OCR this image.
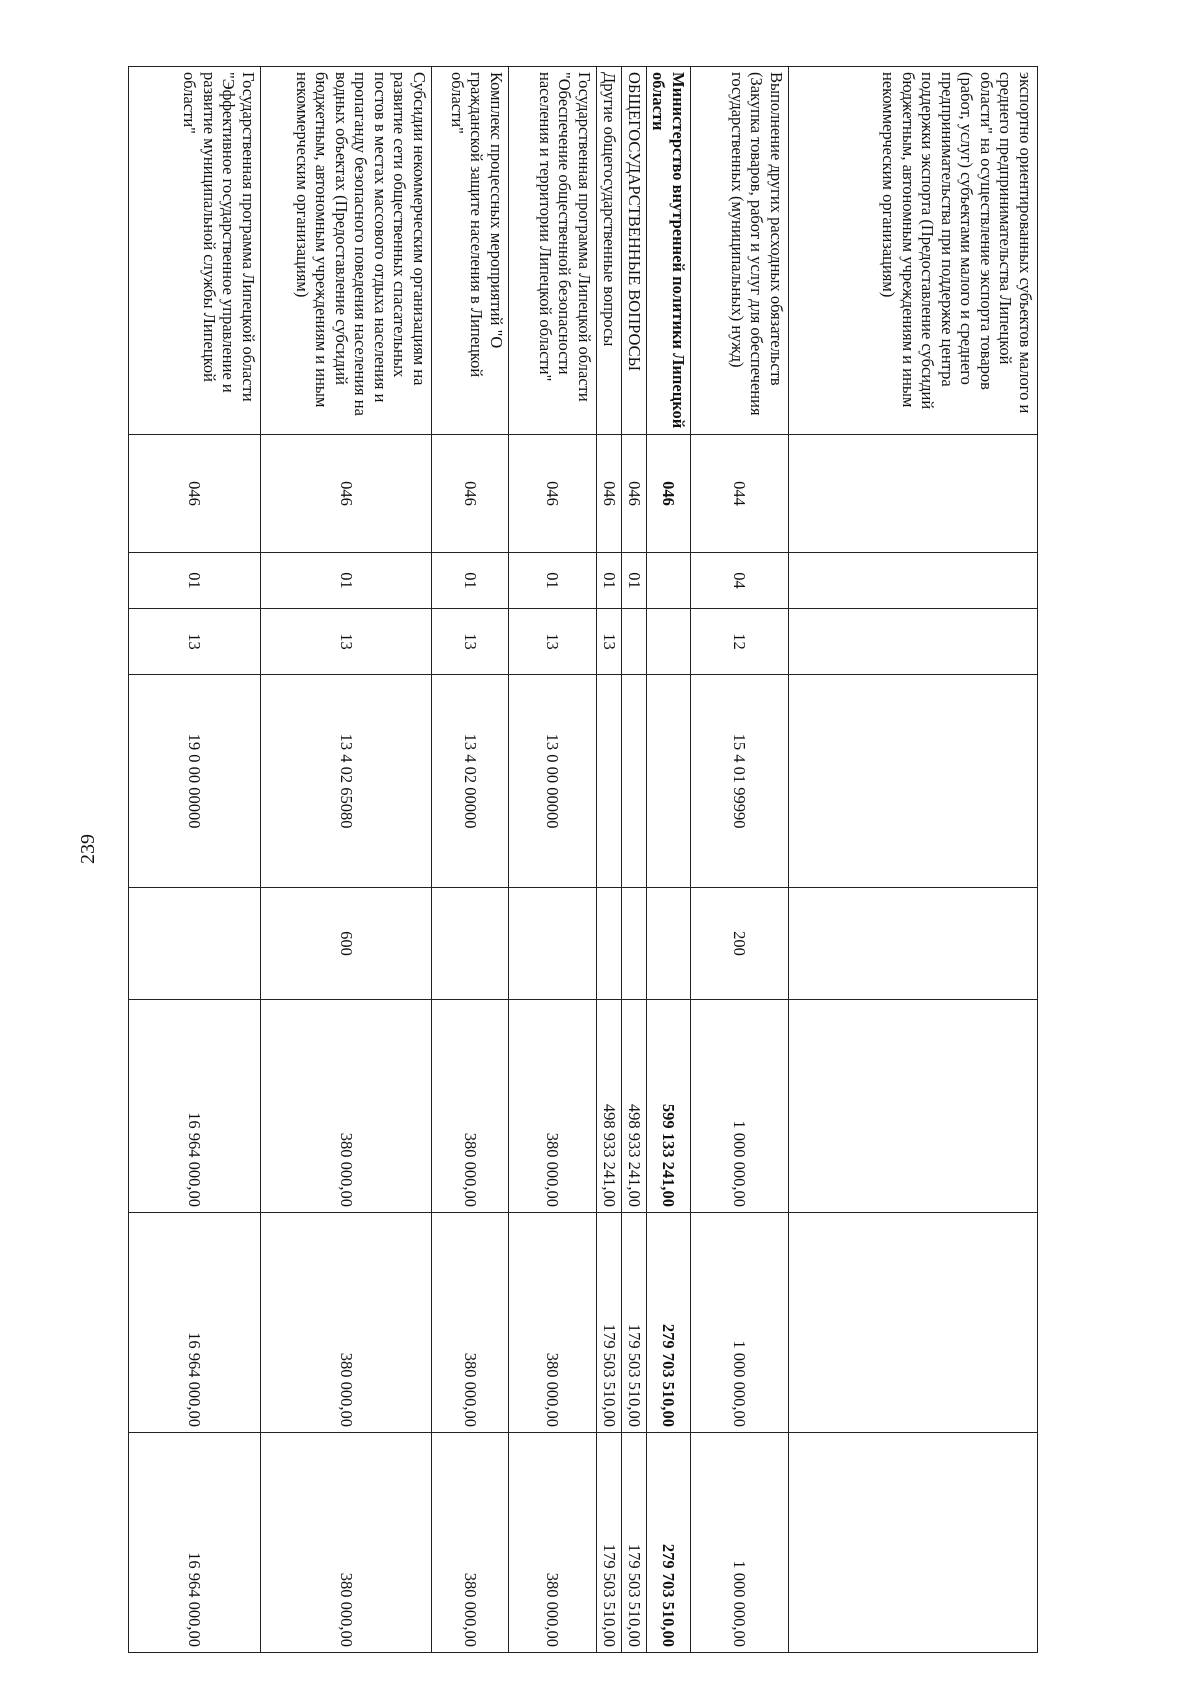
239
экспортно ориентированных субъектов малого и среднего предпринимательства Липецкой области" на осуществление экспорта товаров (работ, услуг) субъектами малого и среднего предпринимательства при поддержке центра поддержки экспорта (Предоставление субсидий бюджетным, автономным учреждениям и иным некоммерческим организациям)								
Выполнение других расходных обязательств (Закупка товаров, работ и услуг для обеспечения государственных (муниципальных) нужд)	044	04	12	15 4 01 99990	200	1 000 000,00	1 000 000,00	1 000 000,00
Министерство внутренней политики Липецкой области	046					599 133 241,00	279 703 510,00	279 703 510,00
ОБЩЕГОСУДАРСТВЕННЫЕ ВОПРОСЫ	046	01				498 933 241,00	179 503 510,00	179 503 510,00
Другие общегосударственные вопросы	046	01	13			498 933 241,00	179 503 510,00	179 503 510,00
Государственная программа Липецкой области "Обеспечение общественной безопасности населения и территории Липецкой области"	046	01	13	13 0 00 00000		380 000,00	380 000,00	380 000,00
Комплекс процессных мероприятий "О гражданской защите населения в Липецкой области"	046	01	13	13 4 02 00000		380 000,00	380 000,00	380 000,00
Субсидии некоммерческим организациям на развитие сети общественных спасательных постов в местах массового отдыха населения и пропаганду безопасного поведения населения на водных объектах (Предоставление субсидий бюджетным, автономным учреждениям и иным некоммерческим организациям)	046	01	13	13 4 02 65080	600	380 000,00	380 000,00	380 000,00
Государственная программа Липецкой области "Эффективное государственное управление и развитие муниципальной службы Липецкой области"	046	01	13	19 0 00 00000		16 964 000,00	16 964 000,00	16 964 000,00
